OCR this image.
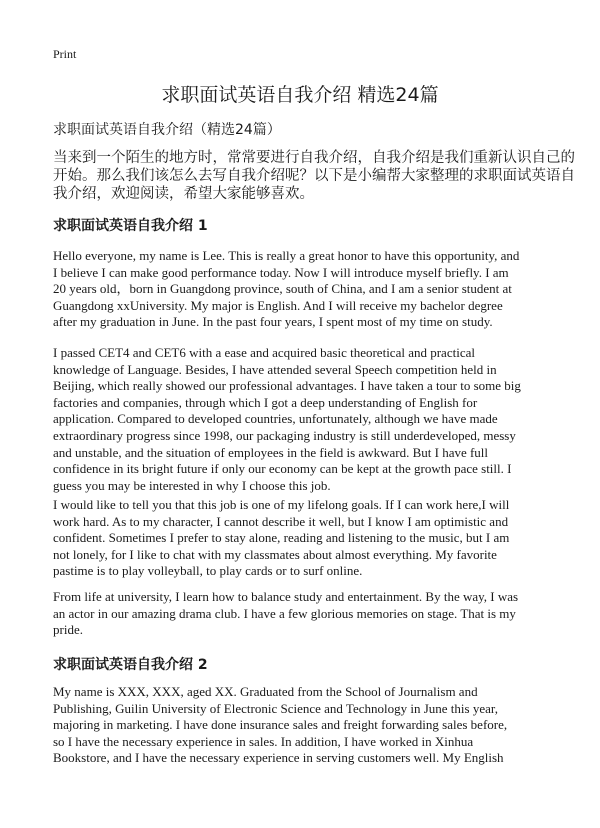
Print
求职面试英语自我介绍 精选24篇
求职面试英语自我介绍（精选24篇）
当来到一个陌生的地方时，常常要进行自我介绍，自我介绍是我们重新认识自己的
开始。那么我们该怎么去写自我介绍呢？以下是小编帮大家整理的求职面试英语自
我介绍，欢迎阅读，希望大家能够喜欢。
求职面试英语自我介绍 1
Hello everyone, my name is Lee. This is really a great honor to have this opportunity, and
I believe I can make good performance today. Now I will introduce myself briefly. I am
20 years old，born in Guangdong province, south of China, and I am a senior student at
Guangdong xxUniversity. My major is English. And I will receive my bachelor degree
after my graduation in June. In the past four years, I spent most of my time on study.
I passed CET4 and CET6 with a ease and acquired basic theoretical and practical
knowledge of Language. Besides, I have attended several Speech competition held in
Beijing, which really showed our professional advantages. I have taken a tour to some big
factories and companies, through which I got a deep understanding of English for
application. Compared to developed countries, unfortunately, although we have made
extraordinary progress since 1998, our packaging industry is still underdeveloped, messy
and unstable, and the situation of employees in the field is awkward. But I have full
confidence in its bright future if only our economy can be kept at the growth pace still. I
guess you may be interested in why I choose this job.
I would like to tell you that this job is one of my lifelong goals. If I can work here,I will
work hard. As to my character, I cannot describe it well, but I know I am optimistic and
confident. Sometimes I prefer to stay alone, reading and listening to the music, but I am
not lonely, for I like to chat with my classmates about almost everything. My favorite
pastime is to play volleyball, to play cards or to surf online.
From life at university, I learn how to balance study and entertainment. By the way, I was
an actor in our amazing drama club. I have a few glorious memories on stage. That is my
pride.
求职面试英语自我介绍 2
My name is XXX, XXX, aged XX. Graduated from the School of Journalism and
Publishing, Guilin University of Electronic Science and Technology in June this year,
majoring in marketing. I have done insurance sales and freight forwarding sales before,
so I have the necessary experience in sales. In addition, I have worked in Xinhua
Bookstore, and I have the necessary experience in serving customers well. My English
